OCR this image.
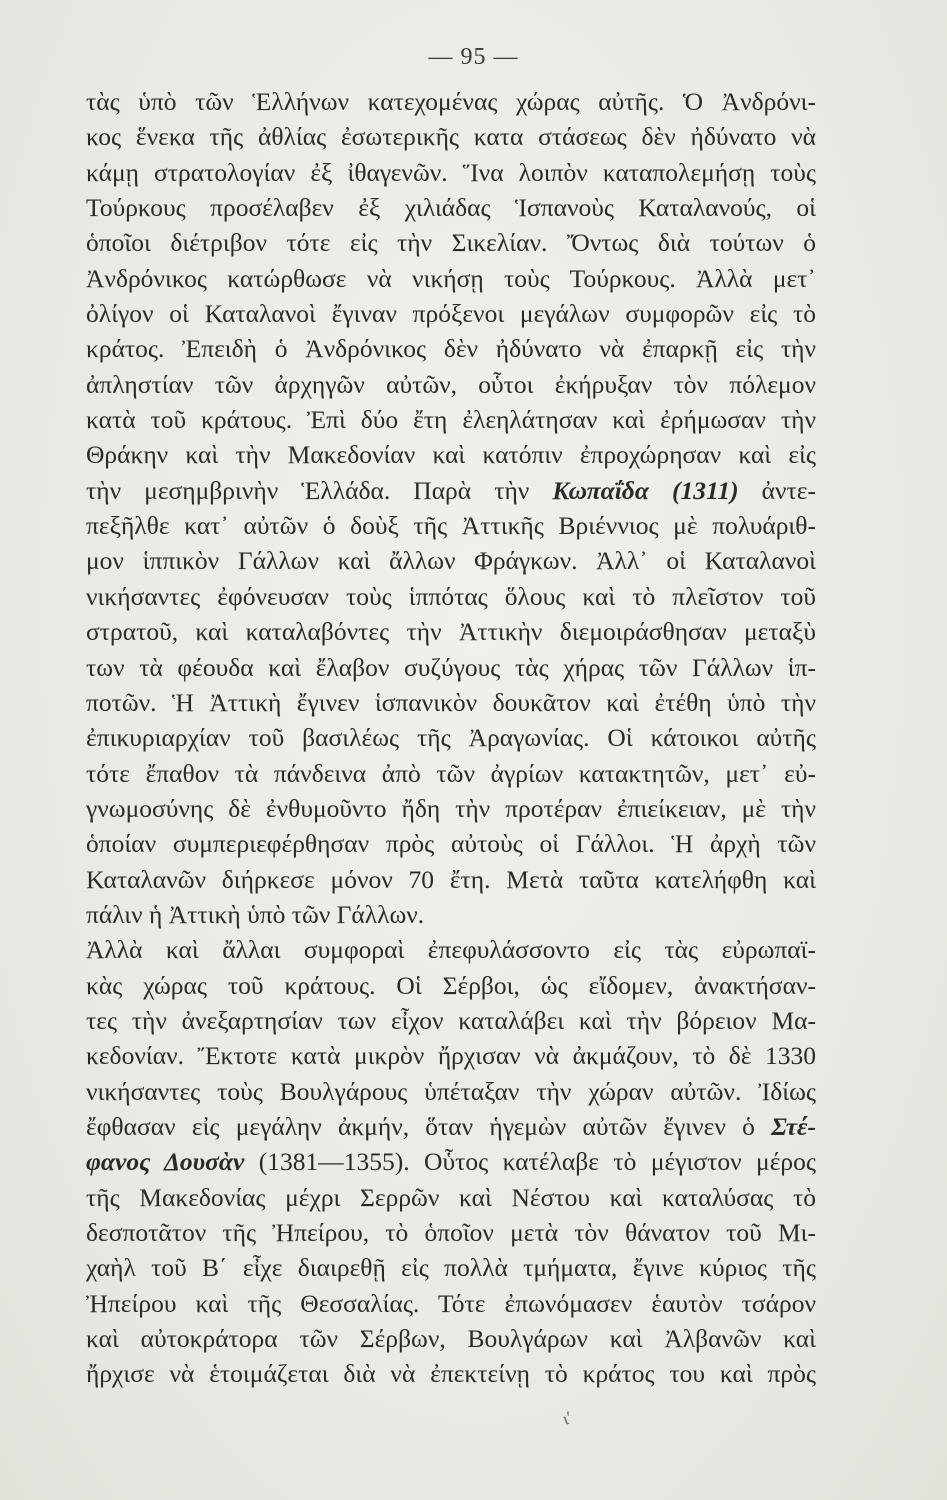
— 95 —
τὰς ὑπὸ τῶν Ἑλλήνων κατεχομένας χώρας αὐτῆς. Ὁ Ἀνδρόνι-
κος ἕνεκα τῆς ἀθλίας ἐσωτερικῆς κατα στάσεως δὲν ἠδύνατο νὰ
κάμῃ στρατολογίαν ἐξ ἰθαγενῶν. Ἵνα λοιπὸν καταπολεμήσῃ τοὺς
Τούρκους προσέλαβεν ἐξ χιλιάδας Ἱσπανοὺς Καταλανούς, οἱ
ὁποῖοι διέτριβον τότε εἰς τὴν Σικελίαν. Ὄντως διὰ τούτων ὁ
Ἀνδρόνικος κατώρθωσε νὰ νικήσῃ τοὺς Τούρκους. Ἀλλὰ μετ᾽
ὀλίγον οἱ Καταλανοὶ ἔγιναν πρόξενοι μεγάλων συμφορῶν εἰς τὸ
κράτος. Ἐπειδὴ ὁ Ἀνδρόνικος δὲν ἠδύνατο νὰ ἐπαρκῇ εἰς τὴν
ἀπληστίαν τῶν ἀρχηγῶν αὐτῶν, οὗτοι ἐκήρυξαν τὸν πόλεμον
κατὰ τοῦ κράτους. Ἐπὶ δύο ἔτη ἐλεηλάτησαν καὶ ἐρήμωσαν τὴν
Θράκην καὶ τὴν Μακεδονίαν καὶ κατόπιν ἐπροχώρησαν καὶ εἰς
τὴν μεσημβρινὴν Ἑλλάδα. Παρὰ τὴν Κωπαΐδα (1311) ἀντε-
πεξῆλθε κατ᾽ αὐτῶν ὁ δοὺξ τῆς Ἀττικῆς Βριέννιος μὲ πολυάριθ-
μον ἱππικὸν Γάλλων καὶ ἄλλων Φράγκων. Ἀλλ᾽ οἱ Καταλανοὶ
νικήσαντες ἐφόνευσαν τοὺς ἱππότας ὅλους καὶ τὸ πλεῖστον τοῦ
στρατοῦ, καὶ καταλαβόντες τὴν Ἀττικὴν διεμοιράσθησαν μεταξὺ
των τὰ φέουδα καὶ ἔλαβον συζύγους τὰς χήρας τῶν Γάλλων ἱπ-
ποτῶν. Ἡ Ἀττικὴ ἔγινεν ἱσπανικὸν δουκᾶτον καὶ ἐτέθη ὑπὸ τὴν
ἐπικυριαρχίαν τοῦ βασιλέως τῆς Ἀραγωνίας. Οἱ κάτοικοι αὐτῆς
τότε ἔπαθον τὰ πάνδεινα ἀπὸ τῶν ἀγρίων κατακτητῶν, μετ᾽ εὐ-
γνωμοσύνης δὲ ἐνθυμοῦντο ἤδη τὴν προτέραν ἐπιείκειαν, μὲ τὴν
ὁποίαν συμπεριεφέρθησαν πρὸς αὐτοὺς οἱ Γάλλοι. Ἡ ἀρχὴ τῶν
Καταλανῶν διήρκεσε μόνον 70 ἔτη. Μετὰ ταῦτα κατελήφθη καὶ
πάλιν ἡ Ἀττικὴ ὑπὸ τῶν Γάλλων.
Ἀλλὰ καὶ ἄλλαι συμφοραὶ ἐπεφυλάσσοντο εἰς τὰς εὐρωπαϊ-
κὰς χώρας τοῦ κράτους. Οἱ Σέρβοι, ὡς εἴδομεν, ἀνακτήσαν-
τες τὴν ἀνεξαρτησίαν των εἶχον καταλάβει καὶ τὴν βόρειον Μα-
κεδονίαν. Ἔκτοτε κατὰ μικρὸν ἤρχισαν νὰ ἀκμάζουν, τὸ δὲ 1330
νικήσαντες τοὺς Βουλγάρους ὑπέταξαν τὴν χώραν αὐτῶν. Ἰδίως
ἔφθασαν εἰς μεγάλην ἀκμήν, ὅταν ἡγεμὼν αὐτῶν ἔγινεν ὁ Στέ-
φανος Δουσὰν (1381—1355). Οὗτος κατέλαβε τὸ μέγιστον μέρος
τῆς Μακεδονίας μέχρι Σερρῶν καὶ Νέστου καὶ καταλύσας τὸ
δεσποτᾶτον τῆς Ἠπείρου, τὸ ὁποῖον μετὰ τὸν θάνατον τοῦ Μι-
χαὴλ τοῦ Β΄ εἶχε διαιρεθῇ εἰς πολλὰ τμήματα, ἔγινε κύριος τῆς
Ἠπείρου καὶ τῆς Θεσσαλίας. Τότε ἐπωνόμασεν ἑαυτὸν τσάρον
καὶ αὐτοκράτορα τῶν Σέρβων, Βουλγάρων καὶ Ἀλβανῶν καὶ
ἤρχισε νὰ ἑτοιμάζεται διὰ νὰ ἐπεκτείνῃ τὸ κράτος του καὶ πρὸς
ι′
